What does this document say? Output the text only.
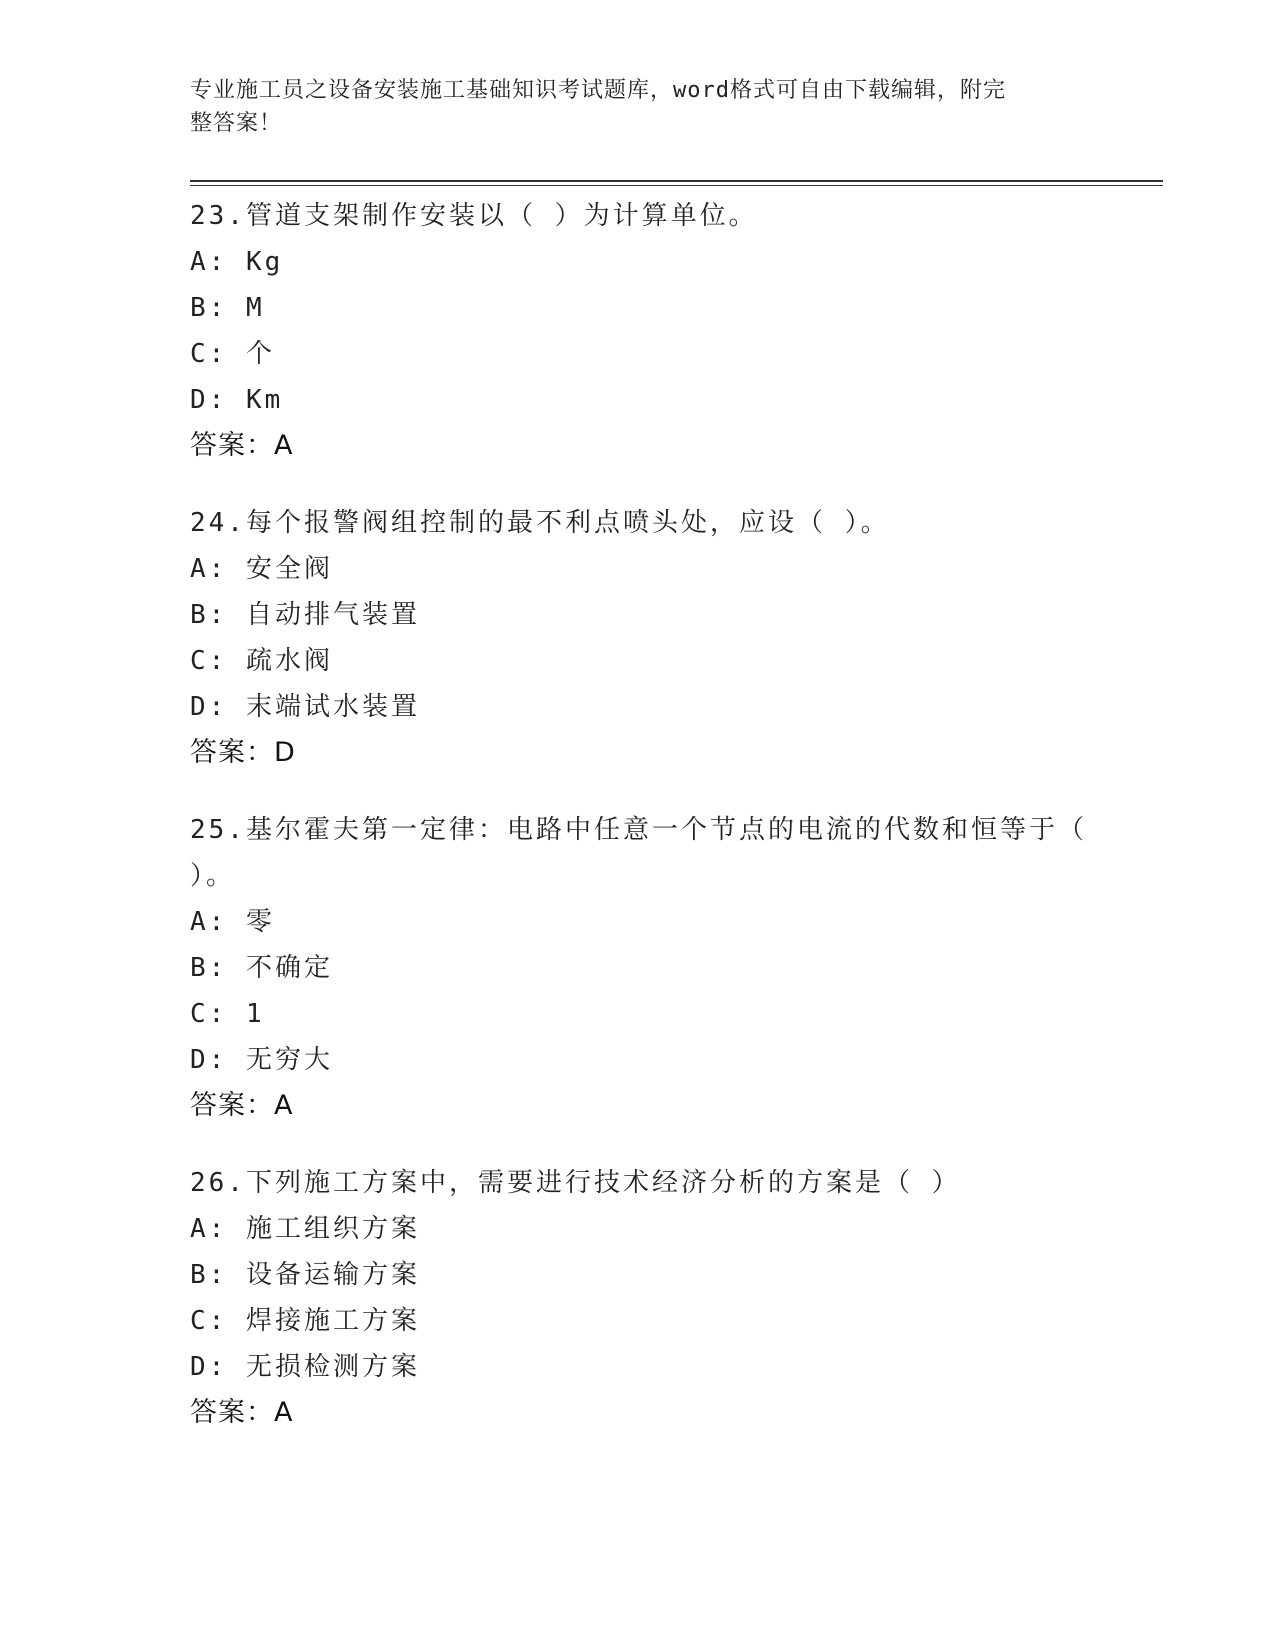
专业施工员之设备安装施工基础知识考试题库，word格式可自由下载编辑，附完
整答案！
23.管道支架制作安装以（ ）为计算单位。
A: Kg
B: M
C: 个
D: Km
答案：A
24.每个报警阀组控制的最不利点喷头处，应设（ ）。
A: 安全阀
B: 自动排气装置
C: 疏水阀
D: 末端试水装置
答案：D
25.基尔霍夫第一定律：电路中任意一个节点的电流的代数和恒等于（ ）。
A: 零
B: 不确定
C: 1
D: 无穷大
答案：A
26.下列施工方案中，需要进行技术经济分析的方案是（ ）
A: 施工组织方案
B: 设备运输方案
C: 焊接施工方案
D: 无损检测方案
答案：A
